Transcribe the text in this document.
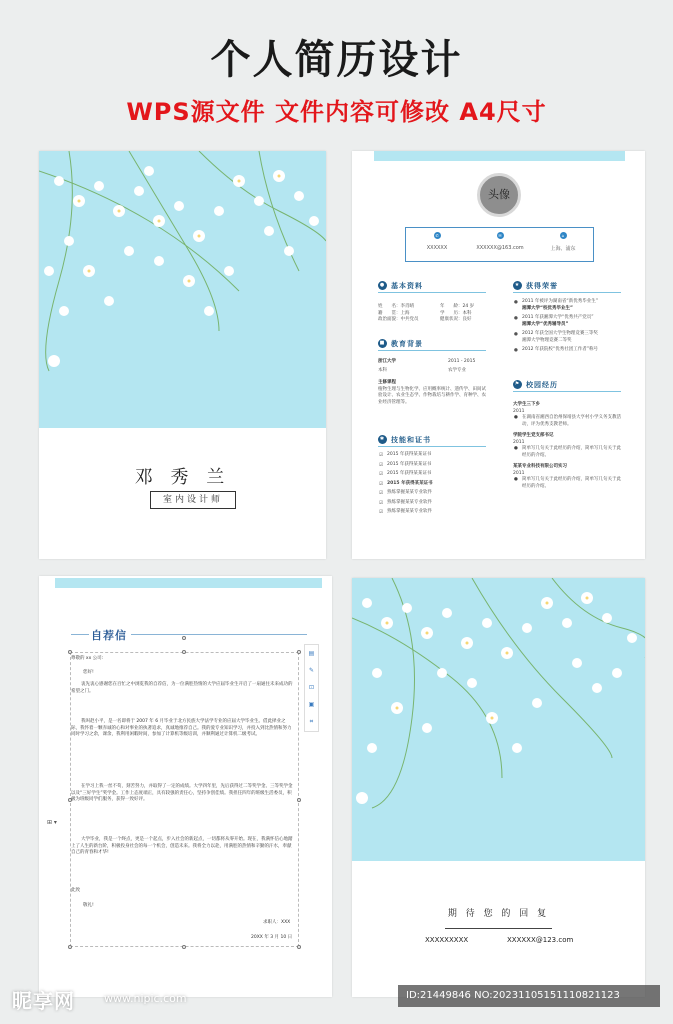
个人简历设计
WPS源文件 文件内容可修改 A4尺寸
邓 秀 兰
室内设计师
头像
✆
XXXXXX
✉
XXXXXX@163.com
⌂
上海、浦东
● 基本资料
姓　　名：李肖晴	年　　龄：24 岁
籍　　贯：上海	学　　历：本科
政治面貌：中共党员	健康状况：良好
■ 教育背景
浙江大学	2011 - 2015
本科	农学专业
主修课程
植物生理与生物化学、应用概率统计、遗传学、田间试验设计、农业生态学、作物栽培与耕作学、育种学、农业经济管理等。
✱ 技能和证书
☑ 2015 年获得某某证书
☑ 2015 年获得某某证书
☑ 2015 年获得某某证书
☑ 2015 年获得某某证书
☑ 熟练掌握某某专业软件
☑ 熟练掌握某某专业软件
☑ 熟练掌握某某专业软件
★ 获得荣誉
● 2011 年被评为湖南省“新优秀毕业生”
湘潭大学“校优秀毕业生”
● 2011 年获湘潭大学“优秀共产党员”
湘潭大学“优秀辅导员”
● 2012 年获全国大学生物理竞赛三等奖
湘潭大学物理竞赛二等奖
● 2012 年获院校“优秀社团工作者”称号
⚑ 校园经历
大学生三下乡
2011
● 在湖南省湘西自治州保靖县大亨村小学义务支教活动，评为优秀支教老师。
学院学生党支部书记
2011
● 简单写几句关于此经历的介绍，简单写几句关于此经历的介绍。
某某专业科技有限公司实习
2011
● 简单写几句关于此经历的介绍，简单写几句关于此经历的介绍。
自荐信
⊞ ▾
▤
✎
⊡
▣
⌗
尊敬的 xx 公司:
您好!
衷先衷心感谢您在百忙之中浏览我的自荐信，为一位满腔热情的大学应届毕业生开启了一扇通往未来成功的希望之门。
我叫赵小平，是一名即将于 2007 年 6 月毕业于北方民族大学法学专业的应届大学毕业生。借此择业之际，我怀着一颗赤诚的心和对事业的执著追求，真诚地推荐自己。我的爱专业知识学习，并投入到比热情和努力同时学习之余，课余，我利用闲暇时间，参加了计算机等级培训，并顺利通过计算机二级考试。
在学习上我一丝不苟，刻苦努力，并取得了一定的成绩。大学四年里，先后获得过二等奖学金、三等奖学金以及“三好学生”奖学金。工作上态度端正，具有较强的责任心，坚持争创佳绩。我担任四年的班级生活委员，积极为班级同学们服务，获得一致好评。
大学毕业，我是一个终点，更是一个起点，步入社会的新起点，一切都将从零开始。现在，我满怀信心地踏上了人生的新台阶，积极投身社会的每一个机会，创造未来。我将全力以赴，用满腔的热情和辛勤的汗水，奉献自己的青春和才华!
此致
敬礼!
求职人：XXX
20XX 年 3 月 10 日
期 待 您 的 回 复
XXXXXXXXX	XXXXXX@123.com
昵享网	www.nipic.com	ID:21449846 NO:20231105151110821123
